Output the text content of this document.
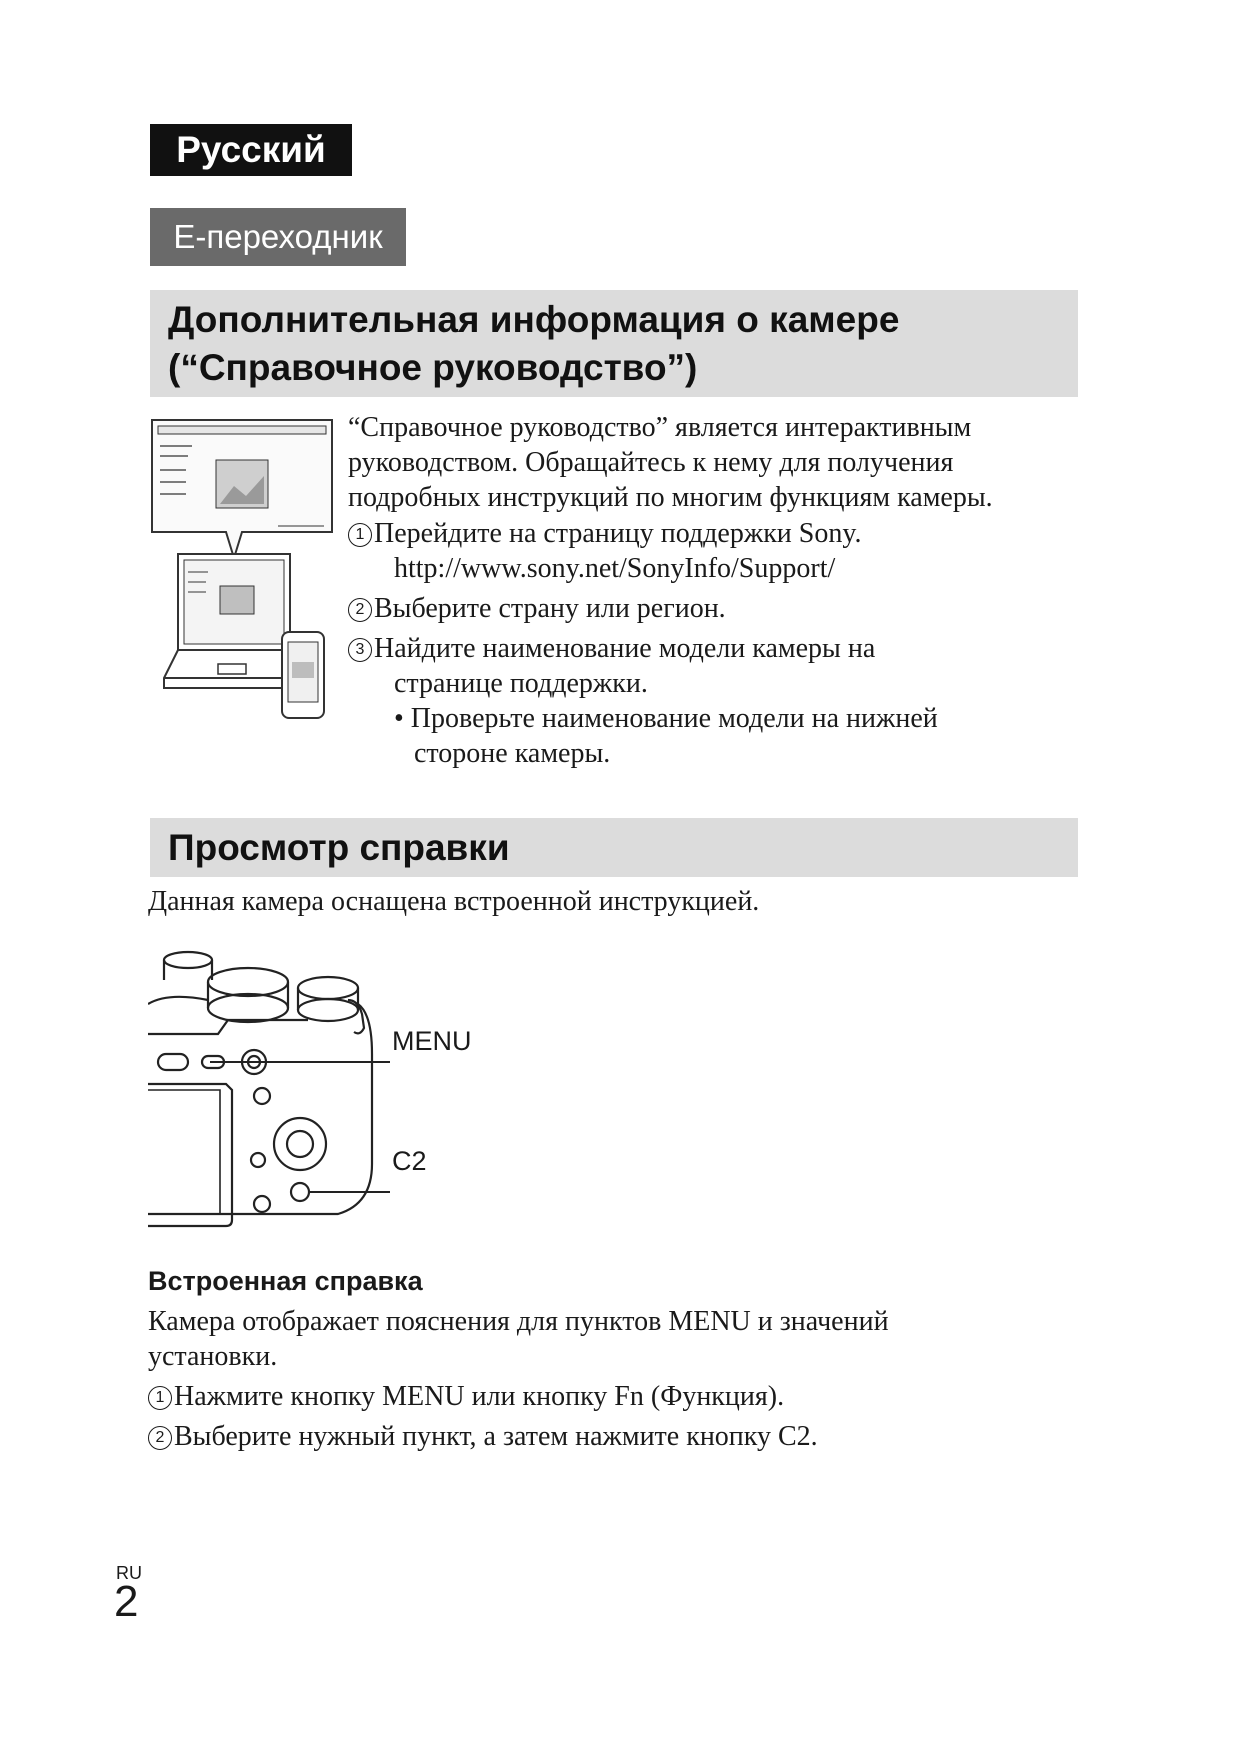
Русский
E-переходник
Дополнительная информация о камере
(“Справочное руководство”)
“Справочное руководство” является интерактивным
руководством. Обращайтесь к нему для получения
подробных инструкций по многим функциям камеры.
1 Перейдите на страницу поддержки Sony.
http://www.sony.net/SonyInfo/Support/
2 Выберите страну или регион.
3 Найдите наименование модели камеры на
странице поддержки.
• Проверьте наименование модели на нижней
стороне камеры.
Просмотр справки
Данная камера оснащена встроенной инструкцией.
MENU
C2
Встроенная справка
Камера отображает пояснения для пунктов MENU и значений
установки.
1 Нажмите кнопку MENU или кнопку Fn (Функция).
2 Выберите нужный пункт, а затем нажмите кнопку C2.
RU
2
